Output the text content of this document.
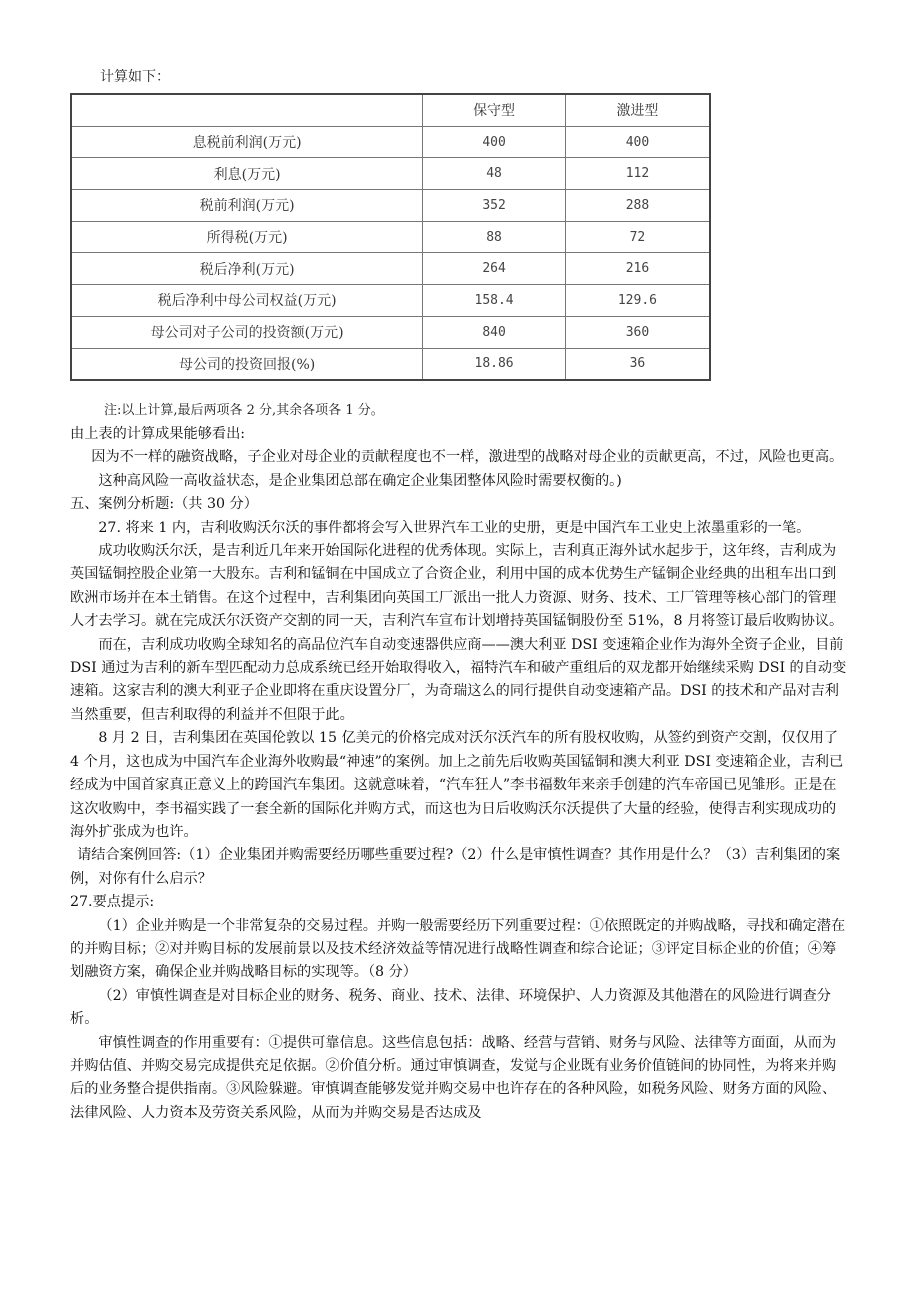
计算如下：
	保守型	激进型
息税前利润(万元)	400	400
利息(万元)	48	112
税前利润(万元)	352	288
所得税(万元)	88	72
税后净利(万元)	264	216
税后净利中母公司权益(万元)	158.4	129.6
母公司对子公司的投资额(万元)	840	360
母公司的投资回报(%)	18.86	36
注:以上计算,最后两项各 2 分,其余各项各 1 分。

由上表的计算成果能够看出:

因为不一样的融资战略，子企业对母企业的贡献程度也不一样，激进型的战略对母企业的贡献更高，不过，风险也更高。

这种高风险一高收益状态，是企业集团总部在确定企业集团整体风险时需要权衡的。)

五、案例分析题:（共 30 分）

27. 将来 1 内，吉利收购沃尔沃的事件都将会写入世界汽车工业的史册，更是中国汽车工业史上浓墨重彩的一笔。

成功收购沃尔沃，是吉利近几年来开始国际化进程的优秀体现。实际上，吉利真正海外试水起步于，这年终，吉利成为英国锰铜控股企业第一大股东。吉利和锰铜在中国成立了合资企业，利用中国的成本优势生产锰铜企业经典的出租车出口到欧洲市场并在本土销售。在这个过程中，吉利集团向英国工厂派出一批人力资源、财务、技术、工厂管理等核心部门的管理人才去学习。就在完成沃尔沃资产交割的同一天，吉利汽车宣布计划增持英国锰铜股份至 51%，8 月将签订最后收购协议。

而在，吉利成功收购全球知名的高品位汽车自动变速器供应商——澳大利亚 DSI 变速箱企业作为海外全资子企业，目前 DSI 通过为吉利的新车型匹配动力总成系统已经开始取得收入，福特汽车和破产重组后的双龙都开始继续采购 DSI 的自动变速箱。这家吉利的澳大利亚子企业即将在重庆设置分厂，为奇瑞这么的同行提供自动变速箱产品。DSI 的技术和产品对吉利当然重要，但吉利取得的利益并不但限于此。

8 月 2 日，吉利集团在英国伦敦以 15 亿美元的价格完成对沃尔沃汽车的所有股权收购，从签约到资产交割，仅仅用了 4 个月，这也成为中国汽车企业海外收购最“神速”的案例。加上之前先后收购英国锰铜和澳大利亚 DSI 变速箱企业，吉利已经成为中国首家真正意义上的跨国汽车集团。这就意味着，“汽车狂人”李书福数年来亲手创建的汽车帝国已见雏形。正是在这次收购中，李书福实践了一套全新的国际化并购方式，而这也为日后收购沃尔沃提供了大量的经验，使得吉利实现成功的海外扩张成为也许。

请结合案例回答:（1）企业集团并购需要经历哪些重要过程?（2）什么是审慎性调查？其作用是什么？（3）吉利集团的案例，对你有什么启示？

27.要点提示:

（1）企业并购是一个非常复杂的交易过程。并购一般需要经历下列重要过程：①依照既定的并购战略，寻找和确定潜在的并购目标；②对并购目标的发展前景以及技术经济效益等情况进行战略性调查和综合论证；③评定目标企业的价值；④筹划融资方案，确保企业并购战略目标的实现等。（8 分）

（2）审慎性调查是对目标企业的财务、税务、商业、技术、法律、环境保护、人力资源及其他潜在的风险进行调查分析。

审慎性调查的作用重要有：①提供可靠信息。这些信息包括：战略、经营与营销、财务与风险、法律等方面面，从而为并购估值、并购交易完成提供充足依据。②价值分析。通过审慎调查，发觉与企业既有业务价值链间的协同性，为将来并购后的业务整合提供指南。③风险躲避。审慎调查能够发觉并购交易中也许存在的各种风险，如税务风险、财务方面的风险、法律风险、人力资本及劳资关系风险，从而为并购交易是否达成及
